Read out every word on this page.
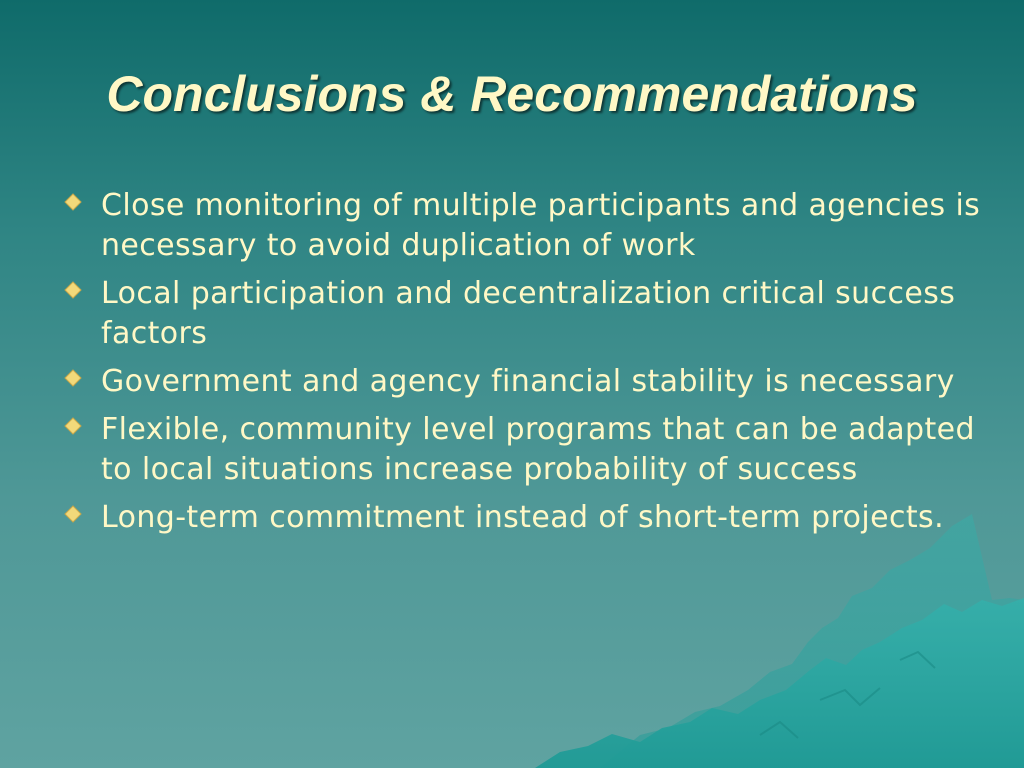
Conclusions & Recommendations
Close monitoring of multiple participants and agencies is necessary to avoid duplication of work
Local participation and decentralization critical success factors
Government and agency financial stability is necessary
Flexible, community level programs that can be adapted to local situations increase probability of success
Long-term commitment instead of short-term projects.
